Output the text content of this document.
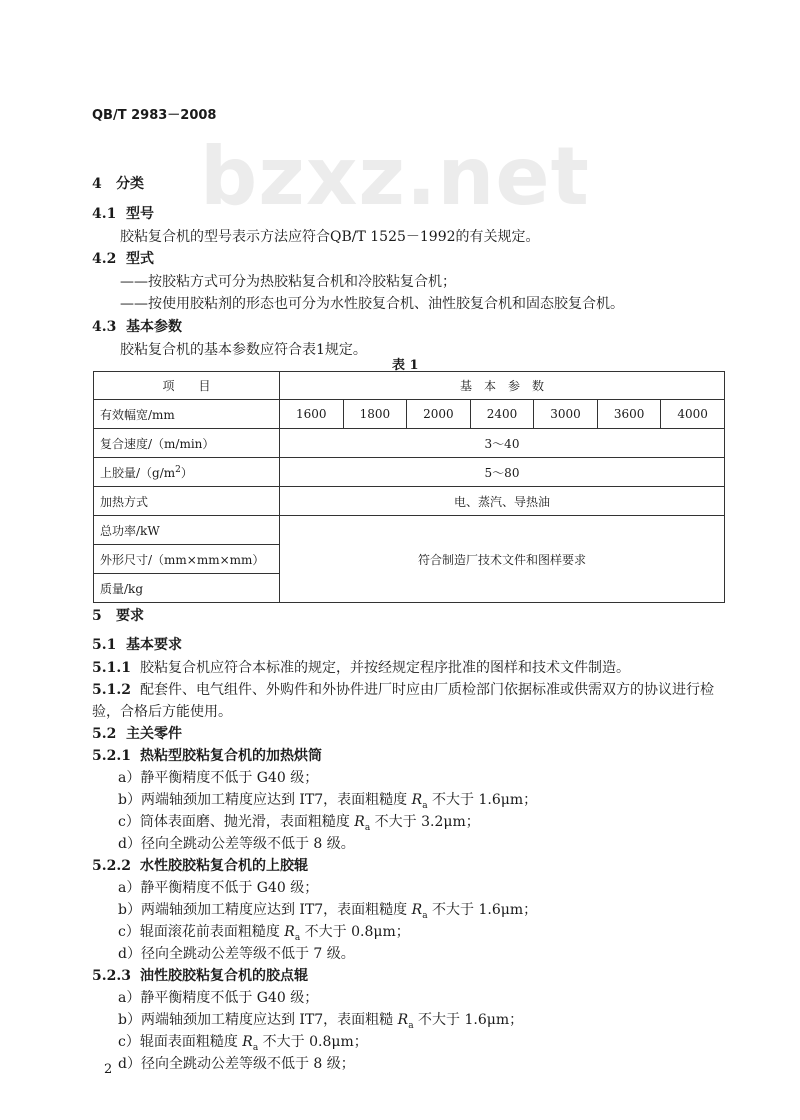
QB/T 2983－2008
bzxz.net
4 分类
4.1 型号
胶粘复合机的型号表示方法应符合QB/T 1525－1992的有关规定。
4.2 型式
——按胶粘方式可分为热胶粘复合机和冷胶粘复合机；
——按使用胶粘剂的形态也可分为水性胶复合机、油性胶复合机和固态胶复合机。
4.3 基本参数
胶粘复合机的基本参数应符合表1规定。
表 1
项　　目	基　本　参　数						
有效幅宽/mm	1600	1800	2000	2400	3000	3600	4000
复合速度/（m/min）	3～40						
上胶量$/(g/m^2)$	5～80						
加热方式	电、蒸汽、导热油						
总功率/kW	符合制造厂技术文件和图样要求						
外形尺寸/（mm×mm×mm）							
质量/kg							
5 要求
5.1 基本要求
5.1.1 胶粘复合机应符合本标准的规定，并按经规定程序批准的图样和技术文件制造。
5.1.2 配套件、电气组件、外购件和外协件进厂时应由厂质检部门依据标准或供需双方的协议进行检
验，合格后方能使用。
5.2 主关零件
5.2.1 热粘型胶粘复合机的加热烘筒
a）静平衡精度不低于 G40 级；
b）两端轴颈加工精度应达到 IT7，表面粗糙度 $R_a$ 不大于 1.6μm；
c）筒体表面磨、抛光滑，表面粗糙度 $R_a$ 不大于 3.2μm；
d）径向全跳动公差等级不低于 8 级。
5.2.2 水性胶胶粘复合机的上胶辊
a）静平衡精度不低于 G40 级；
b）两端轴颈加工精度应达到 IT7，表面粗糙度 $R_a$ 不大于 1.6μm；
c）辊面滚花前表面粗糙度 $R_a$ 不大于 0.8μm；
d）径向全跳动公差等级不低于 7 级。
5.2.3 油性胶胶粘复合机的胶点辊
a）静平衡精度不低于 G40 级；
b）两端轴颈加工精度应达到 IT7，表面粗糙 $R_a$ 不大于 1.6μm；
c）辊面表面粗糙度 $R_a$ 不大于 0.8μm；
d）径向全跳动公差等级不低于 8 级；
2
